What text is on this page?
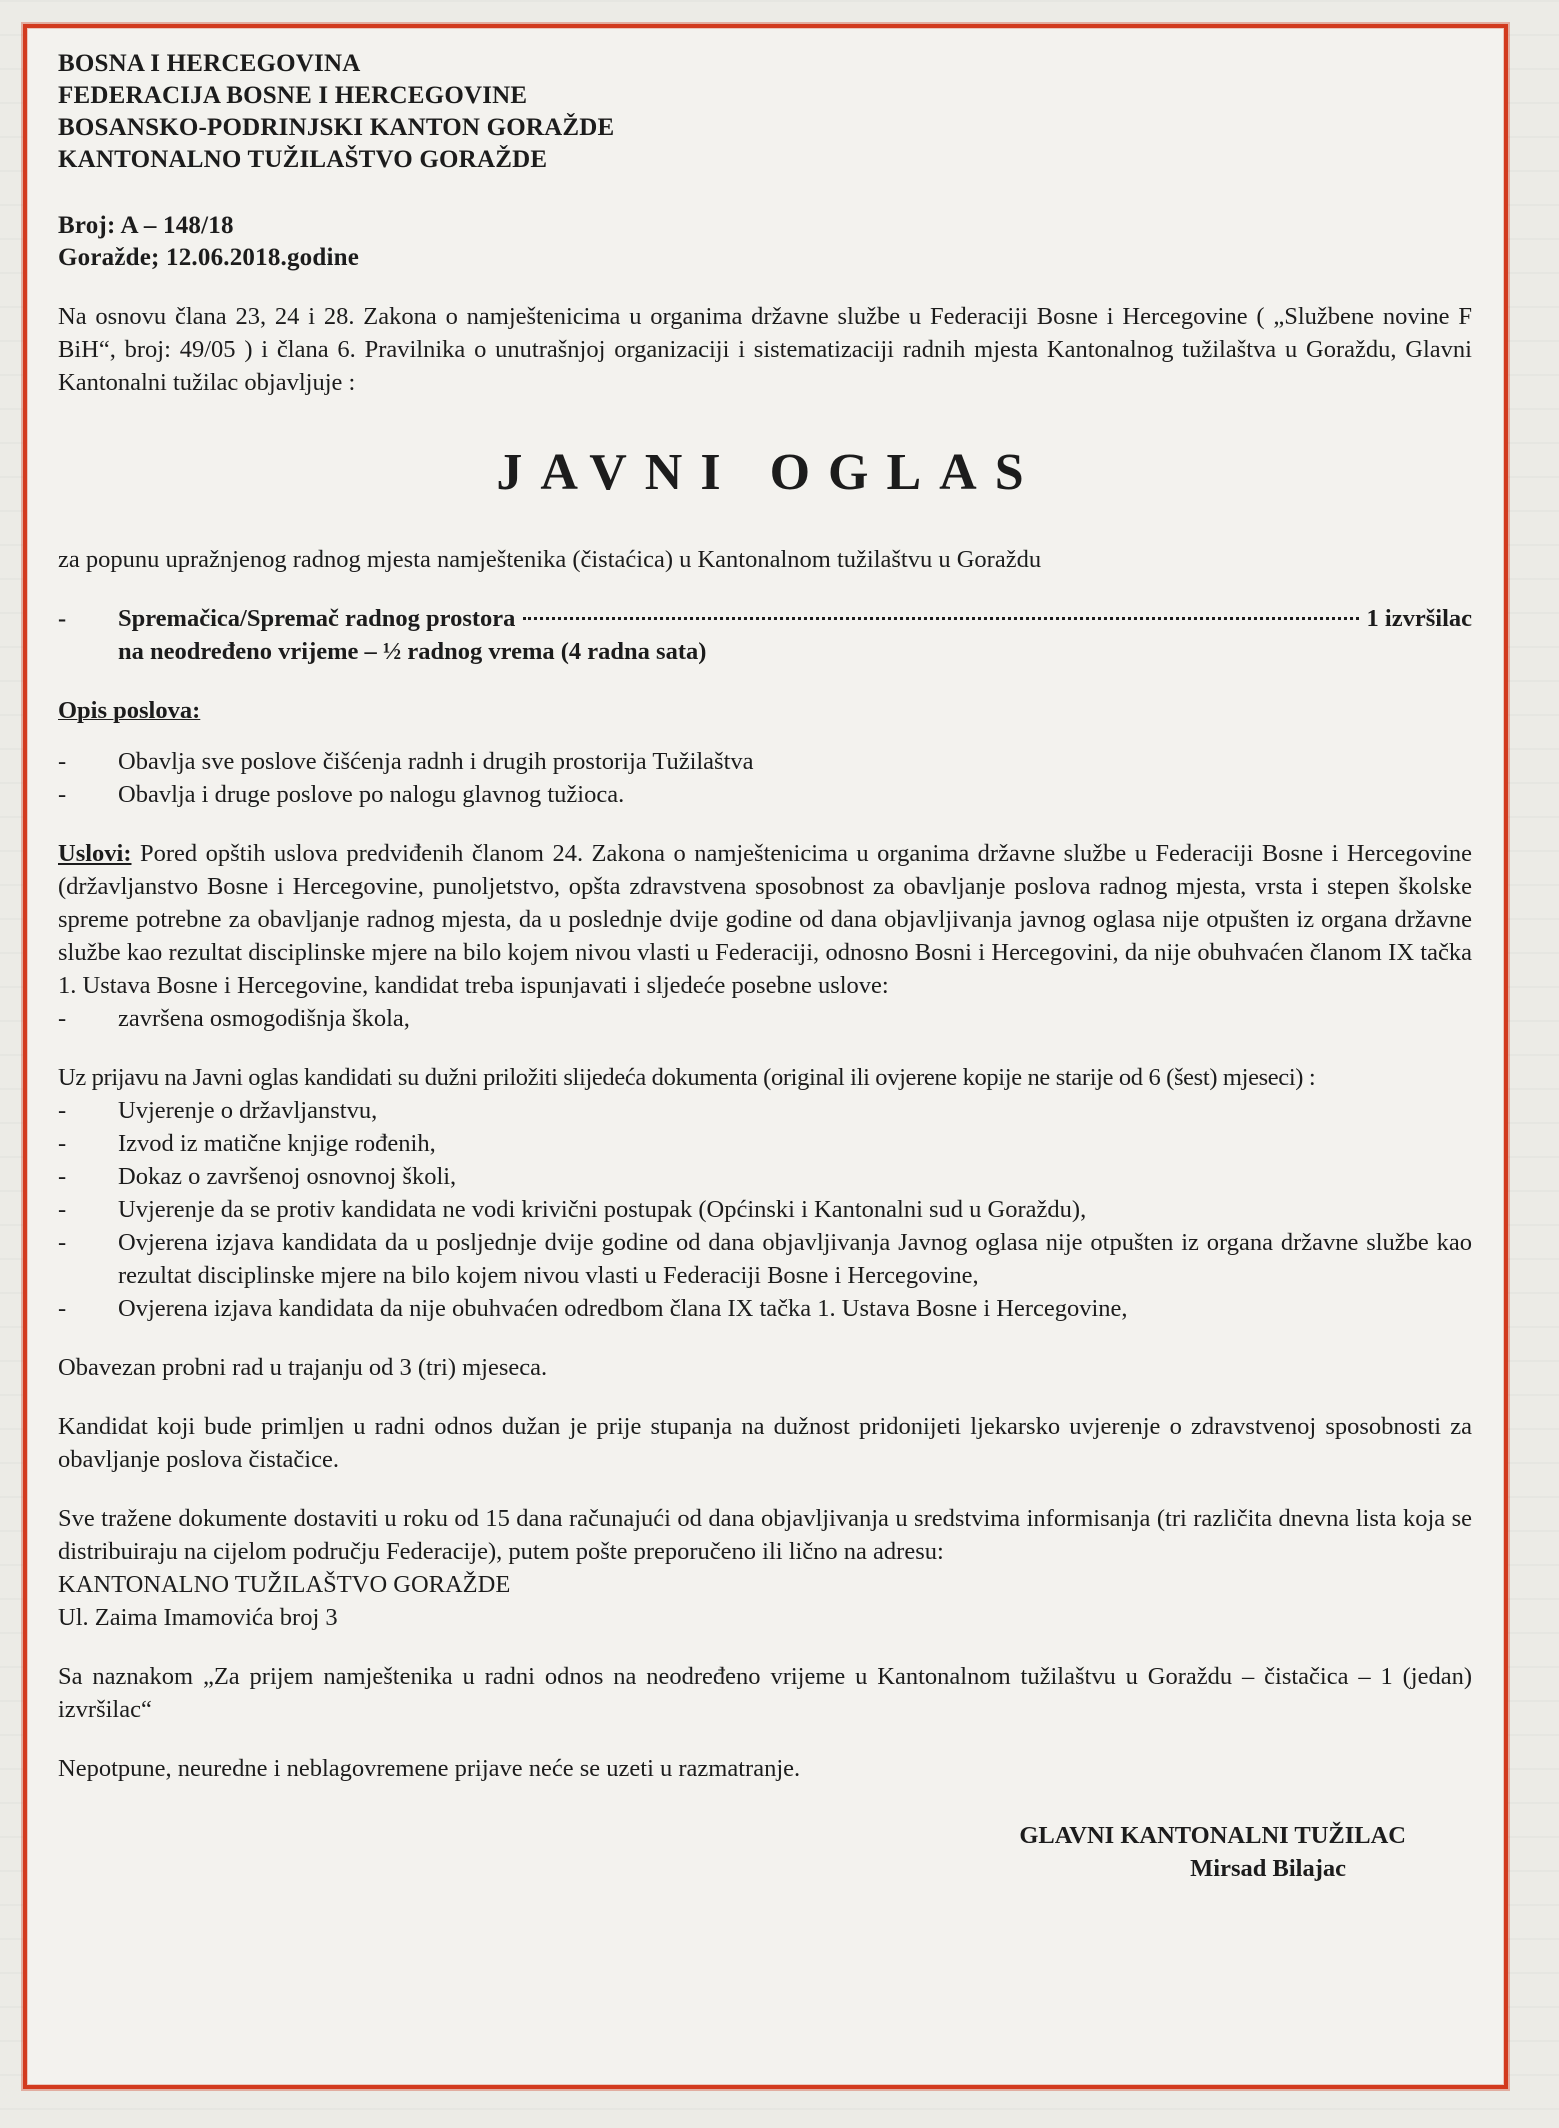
BOSNA I HERCEGOVINA
FEDERACIJA BOSNE I HERCEGOVINE
BOSANSKO-PODRINJSKI KANTON GORAŽDE
KANTONALNO TUŽILAŠTVO GORAŽDE
Broj: A – 148/18
Goražde; 12.06.2018.godine

Na osnovu člana 23, 24 i 28. Zakona o namještenicima u organima državne službe u Federaciji Bosne i Hercegovine ( „Službene novine F BiH“, broj: 49/05 ) i člana 6. Pravilnika o unutrašnjoj organizaciji i sistematizaciji radnih mjesta Kantonalnog tužilaštva u Goraždu, Glavni Kantonalni tužilac objavljuje :

JAVNI OGLAS

za popunu upražnjenog radnog mjesta namještenika (čistaćica) u Kantonalnom tužilaštvu u Goraždu

- Spremačica/Spremač radnog prostora	1 izvršilac
na neodređeno vrijeme – ½ radnog vrema (4 radna sata)
Opis poslova:
- Obavlja sve poslove čišćenja radnh i drugih prostorija Tužilaštva
- Obavlja i druge poslove po nalogu glavnog tužioca.

Uslovi: Pored opštih uslova predviđenih članom 24. Zakona o namještenicima u organima državne službe u Federaciji Bosne i Hercegovine (državljanstvo Bosne i Hercegovine, punoljetstvo, opšta zdravstvena sposobnost za obavljanje poslova radnog mjesta, vrsta i stepen školske spreme potrebne za obavljanje radnog mjesta, da u poslednje dvije godine od dana objavljivanja javnog oglasa nije otpušten iz organa državne službe kao rezultat disciplinske mjere na bilo kojem nivou vlasti u Federaciji, odnosno Bosni i Hercegovini, da nije obuhvaćen članom IX tačka 1. Ustava Bosne i Hercegovine, kandidat treba ispunjavati i sljedeće posebne uslove:

- završena osmogodišnja škola,

Uz prijavu na Javni oglas kandidati su dužni priložiti slijedeća dokumenta (original ili ovjerene kopije ne starije od 6 (šest) mjeseci) :

- Uvjerenje o državljanstvu,
- Izvod iz matične knjige rođenih,
- Dokaz o završenoj osnovnoj školi,
- Uvjerenje da se protiv kandidata ne vodi krivični postupak (Općinski i Kantonalni sud u Goraždu),
- Ovjerena izjava kandidata da u posljednje dvije godine od dana objavljivanja Javnog oglasa nije otpušten iz organa državne službe kao rezultat disciplinske mjere na bilo kojem nivou vlasti u Federaciji Bosne i Hercegovine,
- Ovjerena izjava kandidata da nije obuhvaćen odredbom člana IX tačka 1. Ustava Bosne i Hercegovine,

Obavezan probni rad u trajanju od 3 (tri) mjeseca.

Kandidat koji bude primljen u radni odnos dužan je prije stupanja na dužnost pridonijeti ljekarsko uvjerenje o zdravstvenoj sposobnosti za obavljanje poslova čistačice.

Sve tražene dokumente dostaviti u roku od 15 dana računajući od dana objavljivanja u sredstvima informisanja (tri različita dnevna lista koja se distribuiraju na cijelom području Federacije), putem pošte preporučeno ili lično na adresu:

KANTONALNO TUŽILAŠTVO GORAŽDE
Ul. Zaima Imamovića broj 3

Sa naznakom „Za prijem namještenika u radni odnos na neodređeno vrijeme u Kantonalnom tužilaštvu u Goraždu – čistačica – 1 (jedan) izvršilac“

Nepotpune, neuredne i neblagovremene prijave neće se uzeti u razmatranje.

GLAVNI KANTONALNI TUŽILAC
Mirsad Bilajac
